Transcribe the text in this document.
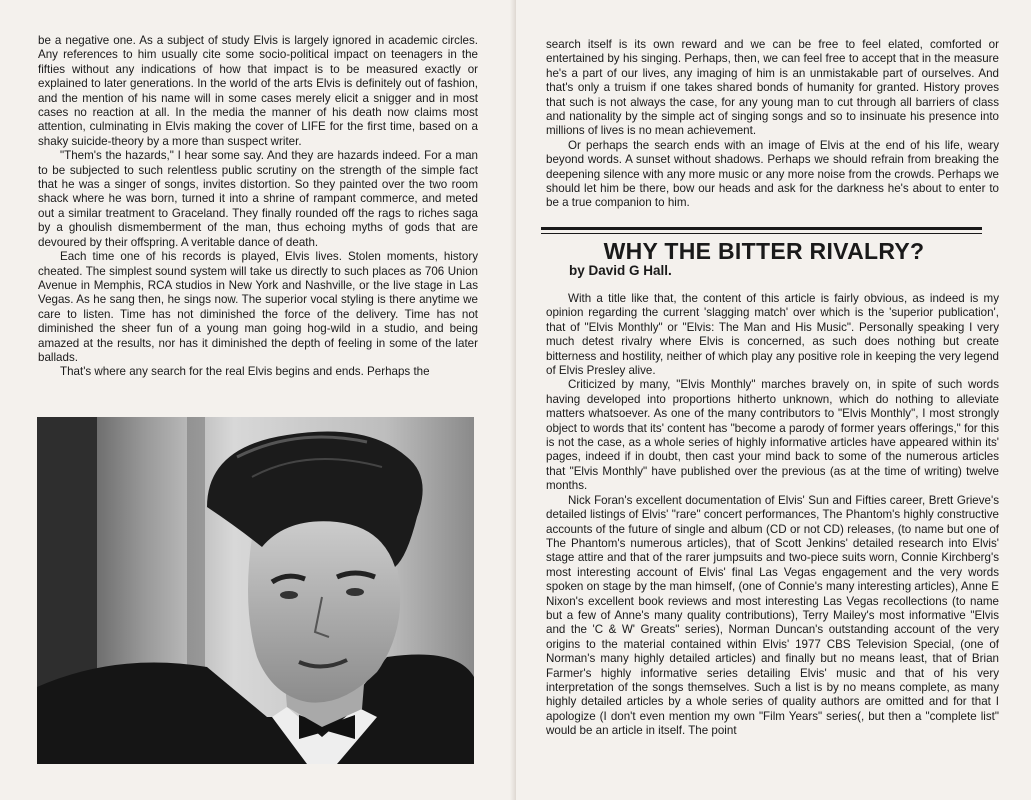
be a negative one. As a subject of study Elvis is largely ignored in academic circles. Any references to him usually cite some socio-political impact on teenagers in the fifties without any indications of how that impact is to be measured exactly or explained to later generations. In the world of the arts Elvis is definitely out of fashion, and the mention of his name will in some cases merely elicit a snigger and in most cases no reaction at all. In the media the manner of his death now claims most attention, culminating in Elvis making the cover of LIFE for the first time, based on a shaky suicide-theory by a more than suspect writer.

"Them's the hazards," I hear some say. And they are hazards indeed. For a man to be subjected to such relentless public scrutiny on the strength of the simple fact that he was a singer of songs, invites distortion. So they painted over the two room shack where he was born, turned it into a shrine of rampant commerce, and meted out a similar treatment to Graceland. They finally rounded off the rags to riches saga by a ghoulish dismemberment of the man, thus echoing myths of gods that are devoured by their offspring. A veritable dance of death.

Each time one of his records is played, Elvis lives. Stolen moments, history cheated. The simplest sound system will take us directly to such places as 706 Union Avenue in Memphis, RCA studios in New York and Nashville, or the live stage in Las Vegas. As he sang then, he sings now. The superior vocal styling is there anytime we care to listen. Time has not diminished the force of the delivery. Time has not diminished the sheer fun of a young man going hog-wild in a studio, and being amazed at the results, nor has it diminished the depth of feeling in some of the later ballads.

That's where any search for the real Elvis begins and ends. Perhaps the

search itself is its own reward and we can be free to feel elated, comforted or entertained by his singing. Perhaps, then, we can feel free to accept that in the measure he's a part of our lives, any imaging of him is an unmistakable part of ourselves. And that's only a truism if one takes shared bonds of humanity for granted. History proves that such is not always the case, for any young man to cut through all barriers of class and nationality by the simple act of singing songs and so to insinuate his presence into millions of lives is no mean achievement.

Or perhaps the search ends with an image of Elvis at the end of his life, weary beyond words. A sunset without shadows. Perhaps we should refrain from breaking the deepening silence with any more music or any more noise from the crowds. Perhaps we should let him be there, bow our heads and ask for the darkness he's about to enter to be a true companion to him.

WHY THE BITTER RIVALRY?
by David G Hall.

With a title like that, the content of this article is fairly obvious, as indeed is my opinion regarding the current 'slagging match' over which is the 'superior publication', that of "Elvis Monthly" or "Elvis: The Man and His Music". Personally speaking I very much detest rivalry where Elvis is concerned, as such does nothing but create bitterness and hostility, neither of which play any positive role in keeping the very legend of Elvis Presley alive.

Criticized by many, "Elvis Monthly" marches bravely on, in spite of such words having developed into proportions hitherto unknown, which do nothing to alleviate matters whatsoever. As one of the many contributors to "Elvis Monthly", I most strongly object to words that its' content has "become a parody of former years offerings," for this is not the case, as a whole series of highly informative articles have appeared within its' pages, indeed if in doubt, then cast your mind back to some of the numerous articles that "Elvis Monthly" have published over the previous (as at the time of writing) twelve months.

Nick Foran's excellent documentation of Elvis' Sun and Fifties career, Brett Grieve's detailed listings of Elvis' "rare" concert performances, The Phantom's highly constructive accounts of the future of single and album (CD or not CD) releases, (to name but one of The Phantom's numerous articles), that of Scott Jenkins' detailed research into Elvis' stage attire and that of the rarer jumpsuits and two-piece suits worn, Connie Kirchberg's most interesting account of Elvis' final Las Vegas engagement and the very words spoken on stage by the man himself, (one of Connie's many interesting articles), Anne E Nixon's excellent book reviews and most interesting Las Vegas recollections (to name but a few of Anne's many quality contributions), Terry Mailey's most informative "Elvis and the 'C & W' Greats" series), Norman Duncan's outstanding account of the very origins to the material contained within Elvis' 1977 CBS Television Special, (one of Norman's many highly detailed articles) and finally but no means least, that of Brian Farmer's highly informative series detailing Elvis' music and that of his very interpretation of the songs themselves. Such a list is by no means complete, as many highly detailed articles by a whole series of quality authors are omitted and for that I apologize (I don't even mention my own "Film Years" series(, but then a "complete list" would be an article in itself. The point
